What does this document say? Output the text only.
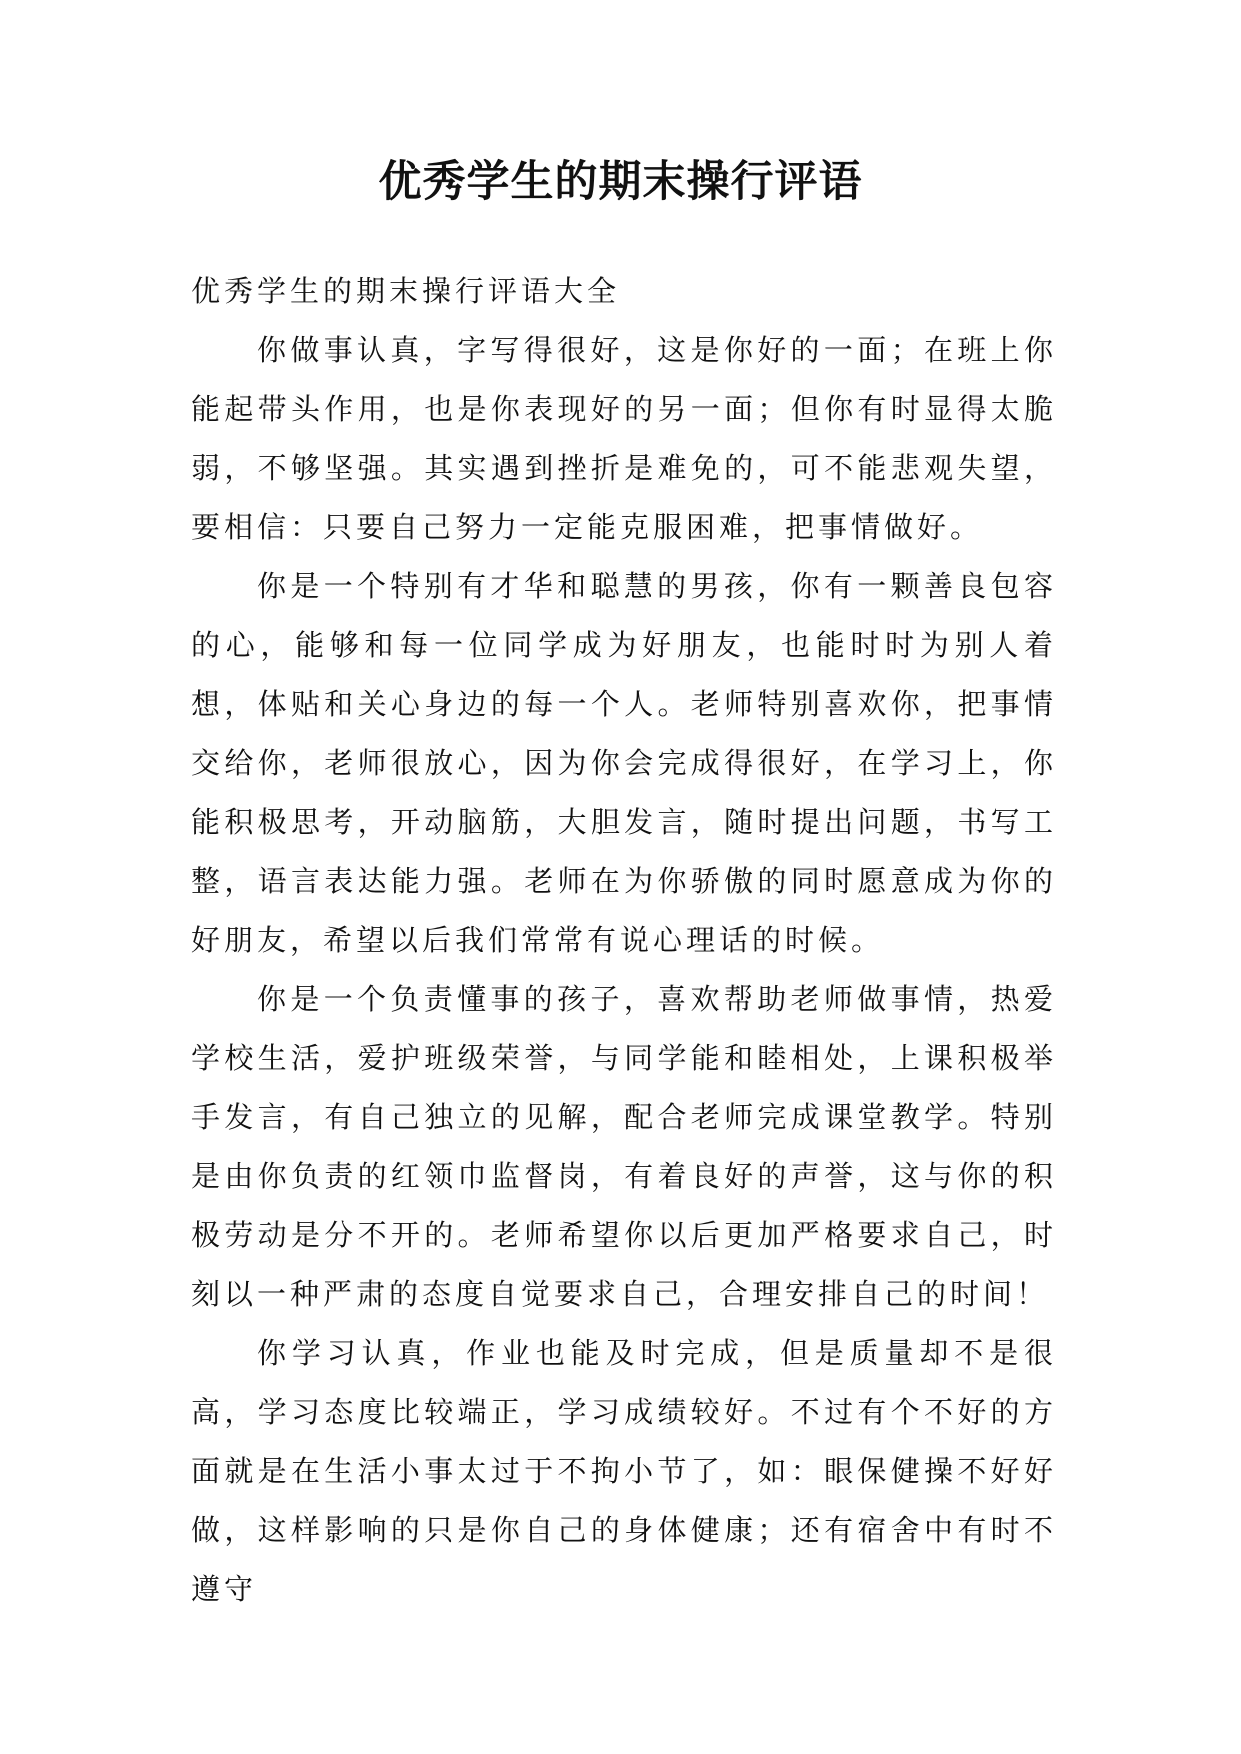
优秀学生的期末操行评语

优秀学生的期末操行评语大全

你做事认真，字写得很好，这是你好的一面；在班上你能起带头作用，也是你表现好的另一面；但你有时显得太脆弱，不够坚强。其实遇到挫折是难免的，可不能悲观失望，要相信：只要自己努力一定能克服困难，把事情做好。

你是一个特别有才华和聪慧的男孩，你有一颗善良包容的心，能够和每一位同学成为好朋友，也能时时为别人着想，体贴和关心身边的每一个人。老师特别喜欢你，把事情交给你，老师很放心，因为你会完成得很好，在学习上，你能积极思考，开动脑筋，大胆发言，随时提出问题，书写工整，语言表达能力强。老师在为你骄傲的同时愿意成为你的好朋友，希望以后我们常常有说心理话的时候。

你是一个负责懂事的孩子，喜欢帮助老师做事情，热爱学校生活，爱护班级荣誉，与同学能和睦相处，上课积极举手发言，有自己独立的见解，配合老师完成课堂教学。特别是由你负责的红领巾监督岗，有着良好的声誉，这与你的积极劳动是分不开的。老师希望你以后更加严格要求自己，时刻以一种严肃的态度自觉要求自己，合理安排自己的时间！

你学习认真，作业也能及时完成，但是质量却不是很高，学习态度比较端正，学习成绩较好。不过有个不好的方面就是在生活小事太过于不拘小节了，如：眼保健操不好好做，这样影响的只是你自己的身体健康；还有宿舍中有时不遵守
